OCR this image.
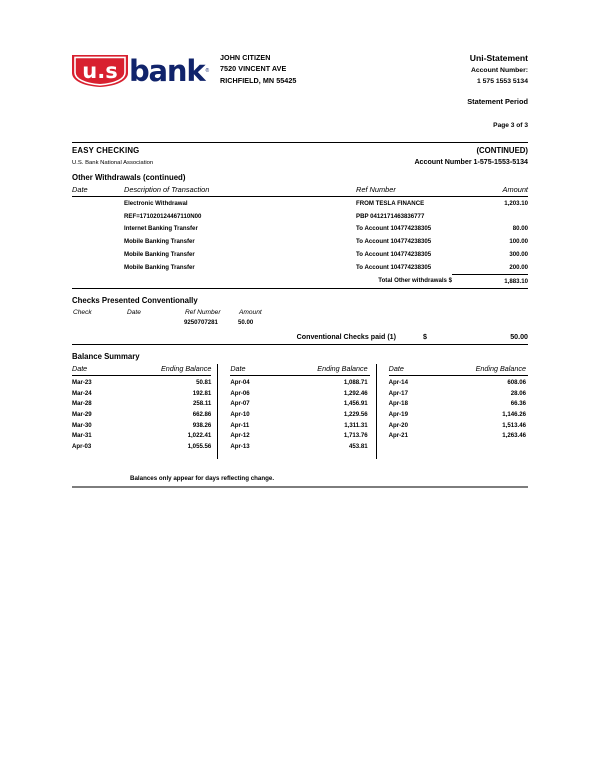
u.s bank ®
JOHN CITIZEN
7520 VINCENT AVE
RICHFIELD, MN 55425
Uni-Statement
Account Number:
1 575 1553 5134
Statement Period
Page 3 of 3
EASY CHECKING	(CONTINUED)
U.S. Bank National Association	Account Number 1-575-1553-5134
Other Withdrawals (continued)
Date	Description of Transaction	Ref Number	Amount
	Electronic Withdrawal	FROM TESLA FINANCE	1,203.10
	REF=171020124467110N00	PBP 0412171463836777	
	Internet Banking Transfer	To Account 104774238305	80.00
	Mobile Banking Transfer	To Account 104774238305	100.00
	Mobile Banking Transfer	To Account 104774238305	300.00
	Mobile Banking Transfer	To Account 104774238305	200.00
		Total Other withdrawals $	1,883.10
Checks Presented Conventionally
Check	Date	Ref Number	Amount	
		9250707281	50.00	
Conventional Checks paid (1)	$	50.00
Balance Summary
Date	Ending Balance
Mar-23	50.81
Mar-24	192.81
Mar-28	258.11
Mar-29	662.86
Mar-30	938.26
Mar-31	1,022.41
Apr-03	1,055.56
Date	Ending Balance
Apr-04	1,088.71
Apr-06	1,292.46
Apr-07	1,456.91
Apr-10	1,229.56
Apr-11	1,311.31
Apr-12	1,713.76
Apr-13	453.81
Date	Ending Balance
Apr-14	608.06
Apr-17	28.06
Apr-18	66.36
Apr-19	1,146.26
Apr-20	1,513.46
Apr-21	1,263.46
Balances only appear for days reflecting change.
